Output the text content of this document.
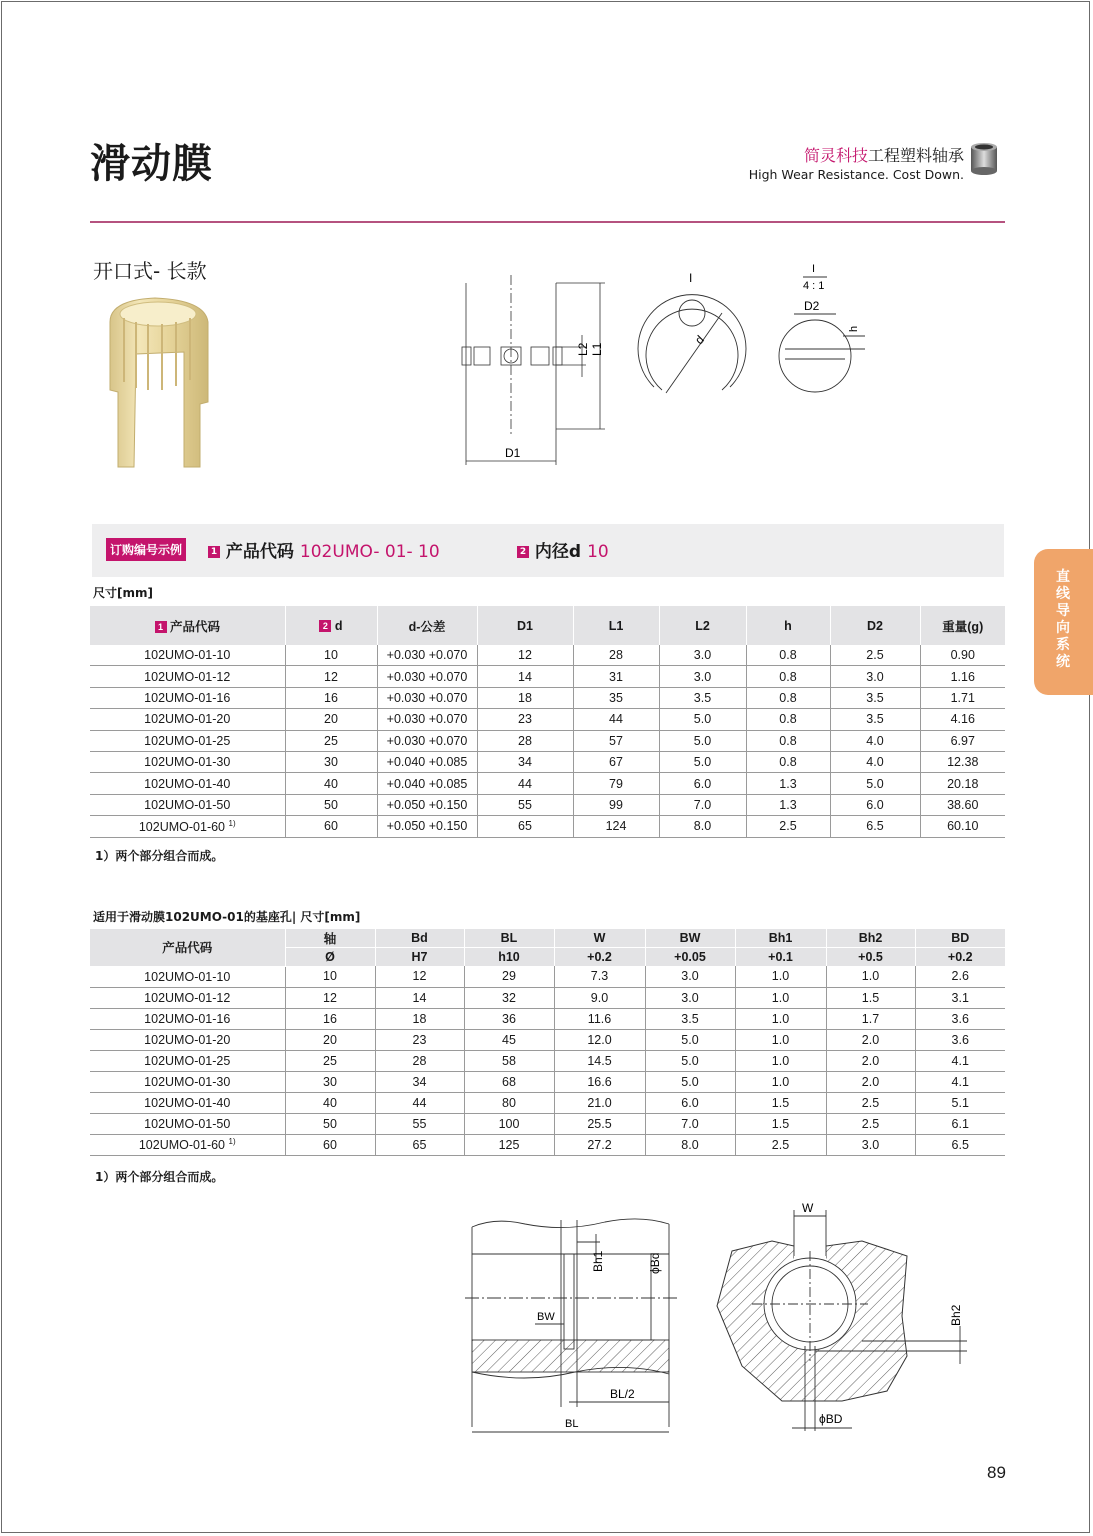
滑动膜	简灵科技工程塑料轴承
High Wear Resistance. Cost Down.
开口式- 长款
L2 L1
D1
I
d
I
4 : 1
D2
h
直线导向系统
订购编号示例	1 产品代码 102UMO- 01- 10	2 内径d 10
尺寸[mm]
1 产品代码	2 d	d-公差	D1	L1	L2	h	D2	重量(g)
102UMO-01-10	10	+0.030 +0.070	12	28	3.0	0.8	2.5	0.90
102UMO-01-12	12	+0.030 +0.070	14	31	3.0	0.8	3.0	1.16
102UMO-01-16	16	+0.030 +0.070	18	35	3.5	0.8	3.5	1.71
102UMO-01-20	20	+0.030 +0.070	23	44	5.0	0.8	3.5	4.16
102UMO-01-25	25	+0.030 +0.070	28	57	5.0	0.8	4.0	6.97
102UMO-01-30	30	+0.040 +0.085	34	67	5.0	0.8	4.0	12.38
102UMO-01-40	40	+0.040 +0.085	44	79	6.0	1.3	5.0	20.18
102UMO-01-50	50	+0.050 +0.150	55	99	7.0	1.3	6.0	38.60
102UMO-01-60 $^{1)}$	60	+0.050 +0.150	65	124	8.0	2.5	6.5	60.10
1）两个部分组合而成。
适用于滑动膜102UMO-01的基座孔| 尺寸[mm]
产品代码	轴	Bd	BL	W	BW	Bh1	Bh2	BD
	Ø	H7	h10	+0.2	+0.05	+0.1	+0.5	+0.2
102UMO-01-10	10	12	29	7.3	3.0	1.0	1.0	2.6
102UMO-01-12	12	14	32	9.0	3.0	1.0	1.5	3.1
102UMO-01-16	16	18	36	11.6	3.5	1.0	1.7	3.6
102UMO-01-20	20	23	45	12.0	5.0	1.0	2.0	3.6
102UMO-01-25	25	28	58	14.5	5.0	1.0	2.0	4.1
102UMO-01-30	30	34	68	16.6	5.0	1.0	2.0	4.1
102UMO-01-40	40	44	80	21.0	6.0	1.5	2.5	5.1
102UMO-01-50	50	55	100	25.5	7.0	1.5	2.5	6.1
102UMO-01-60 $^{1)}$	60	65	125	27.2	8.0	2.5	3.0	6.5
1）两个部分组合而成。
Bh1	ϕBd
BW
BL/2
BL
W
Bh2
ϕBD
89
